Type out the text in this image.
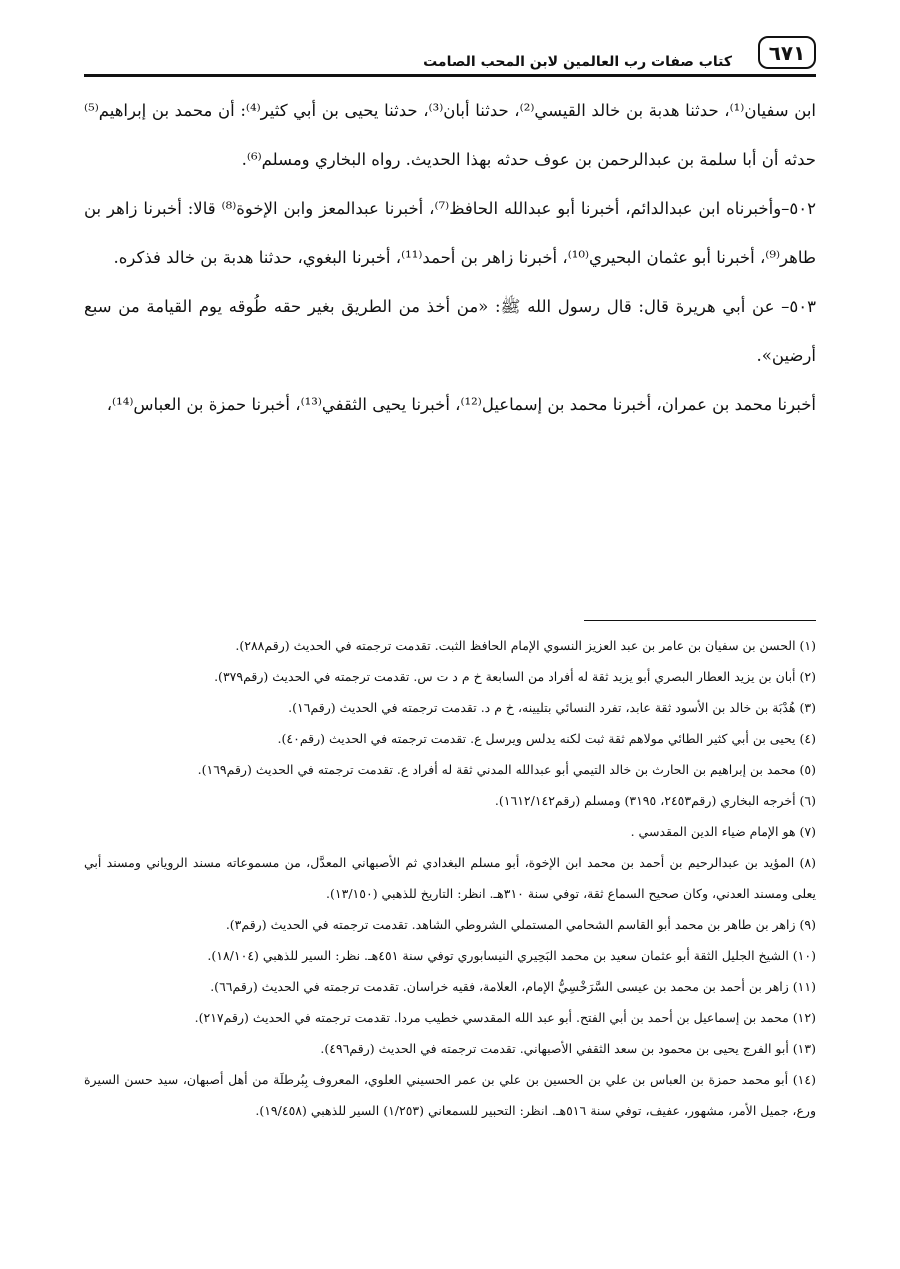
٦٧١
كتاب صفات رب العالمين لابن المحب الصامت

ابن سفيان⁽¹⁾، حدثنا هدبة بن خالد القيسي⁽²⁾، حدثنا أبان⁽³⁾، حدثنا يحيى بن أبي كثير⁽⁴⁾: أن محمد بن إبراهيم⁽⁵⁾ حدثه أن أبا سلمة بن عبدالرحمن بن عوف حدثه بهذا الحديث. رواه البخاري ومسلم⁽⁶⁾.

٥٠٢–وأخبرناه ابن عبدالدائم، أخبرنا أبو عبدالله الحافظ⁽⁷⁾، أخبرنا عبدالمعز وابن الإخوة⁽⁸⁾ قالا: أخبرنا زاهر بن طاهر⁽⁹⁾، أخبرنا أبو عثمان البحيري⁽¹⁰⁾، أخبرنا زاهر بن أحمد⁽¹¹⁾، أخبرنا البغوي، حدثنا هدبة بن خالد فذكره.

٥٠٣– عن أبي هريرة قال: قال رسول الله ﷺ: «من أخذ من الطريق بغير حقه طُوقه يوم القيامة من سبع أرضين».

أخبرنا محمد بن عمران، أخبرنا محمد بن إسماعيل⁽¹²⁾، أخبرنا يحيى الثقفي⁽¹³⁾، أخبرنا حمزة بن العباس⁽¹⁴⁾،

(١) الحسن بن سفيان بن عامر بن عبد العزيز النسوي الإمام الحافظ الثبت. تقدمت ترجمته في الحديث (رقم٢٨٨).

(٢) أبان بن يزيد العطار البصري أبو يزيد ثقة له أفراد من السابعة خ م د ت س. تقدمت ترجمته في الحديث (رقم٣٧٩).

(٣) هُدْبَة بن خالد بن الأسود ثقة عابد، تفرد النسائي بتليينه، خ م د. تقدمت ترجمته في الحديث (رقم١٦).

(٤) يحيى بن أبي كثير الطائي مولاهم ثقة ثبت لكنه يدلس ويرسل ع. تقدمت ترجمته في الحديث (رقم٤٠).

(٥) محمد بن إبراهيم بن الحارث بن خالد التيمي أبو عبدالله المدني ثقة له أفراد ع. تقدمت ترجمته في الحديث (رقم١٦٩).

(٦) أخرجه البخاري (رقم٢٤٥٣، ٣١٩٥) ومسلم (رقم١٦١٢/١٤٢).

(٧) هو الإمام ضياء الدين المقدسي .

(٨) المؤيد بن عبدالرحيم بن أحمد بن محمد ابن الإخوة، أبو مسلم البغدادي ثم الأصبهاني المعدَّل، من مسموعاته مسند الروياني ومسند أبي يعلى ومسند العدني، وكان صحيح السماع ثقة، توفي سنة ٣١٠هـ. انظر: التاريخ للذهبي (١٣/١٥٠).

(٩) زاهر بن طاهر بن محمد أبو القاسم الشحامي المستملي الشروطي الشاهد. تقدمت ترجمته في الحديث (رقم٣).

(١٠) الشيخ الجليل الثقة أبو عثمان سعيد بن محمد البَحِيري النيسابوري توفي سنة ٤٥١هـ. نظر: السير للذهبي (١٨/١٠٤).

(١١) زاهر بن أحمد بن محمد بن عيسى السَّرَخْسِيُّ الإمام، العلامة، فقيه خراسان. تقدمت ترجمته في الحديث (رقم٦٦).

(١٢) محمد بن إسماعيل بن أحمد بن أبي الفتح. أبو عبد الله المقدسي خطيب مردا. تقدمت ترجمته في الحديث (رقم٢١٧).

(١٣) أبو الفرج يحيى بن محمود بن سعد الثقفي الأصبهاني. تقدمت ترجمته في الحديث (رقم٤٩٦).

(١٤) أبو محمد حمزة بن العباس بن علي بن الحسين بن علي بن عمر الحسيني العلوي، المعروف بِبُرطلَة من أهل أصبهان، سيد حسن السيرة ورع، جميل الأمر، مشهور، عفيف، توفي سنة ٥١٦هـ. انظر: التحبير للسمعاني (١/٢٥٣) السير للذهبي (١٩/٤٥٨).
